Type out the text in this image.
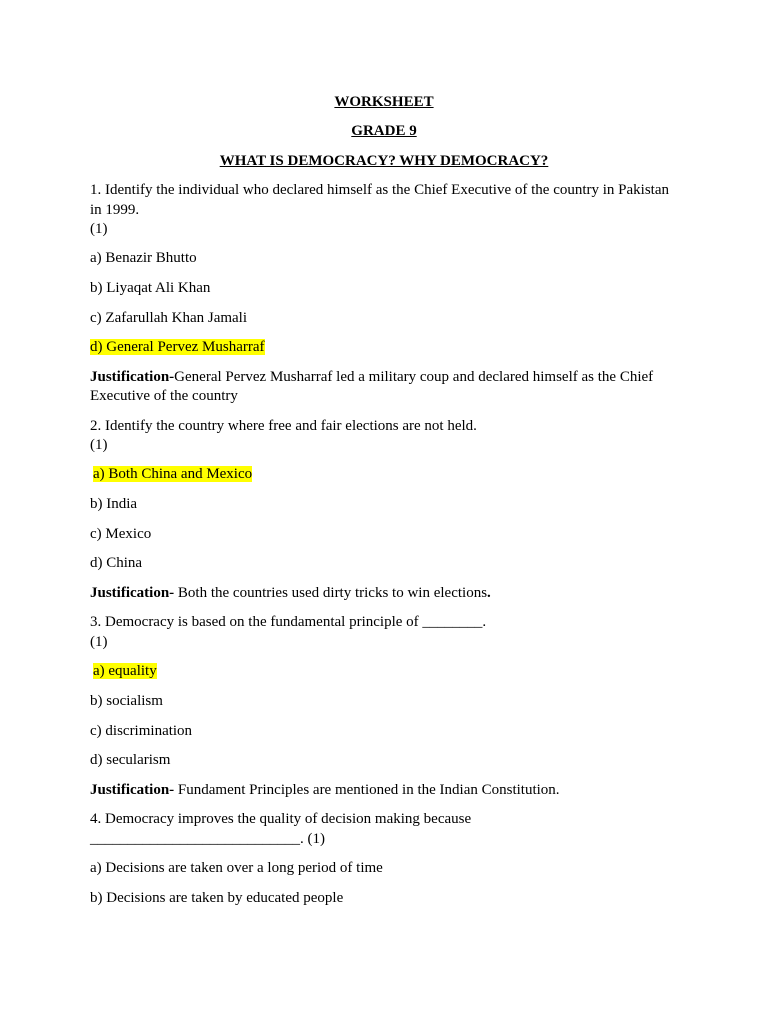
WORKSHEET
GRADE 9
WHAT IS DEMOCRACY? WHY DEMOCRACY?
1. Identify the individual who declared himself as the Chief Executive of the country in Pakistan
in 1999.
(1)
a) Benazir Bhutto
b) Liyaqat Ali Khan
c) Zafarullah Khan Jamali
d) General Pervez Musharraf
Justification-General Pervez Musharraf led a military coup and declared himself as the Chief
Executive of the country
2. Identify the country where free and fair elections are not held.
(1)
a) Both China and Mexico
b) India
c) Mexico
d) China
Justification- Both the countries used dirty tricks to win elections.
3. Democracy is based on the fundamental principle of ________.
(1)
a) equality
b) socialism
c) discrimination
d) secularism
Justification- Fundament Principles are mentioned in the Indian Constitution.
4. Democracy improves the quality of decision making because
____________________________. (1)
a) Decisions are taken over a long period of time
b) Decisions are taken by educated people
